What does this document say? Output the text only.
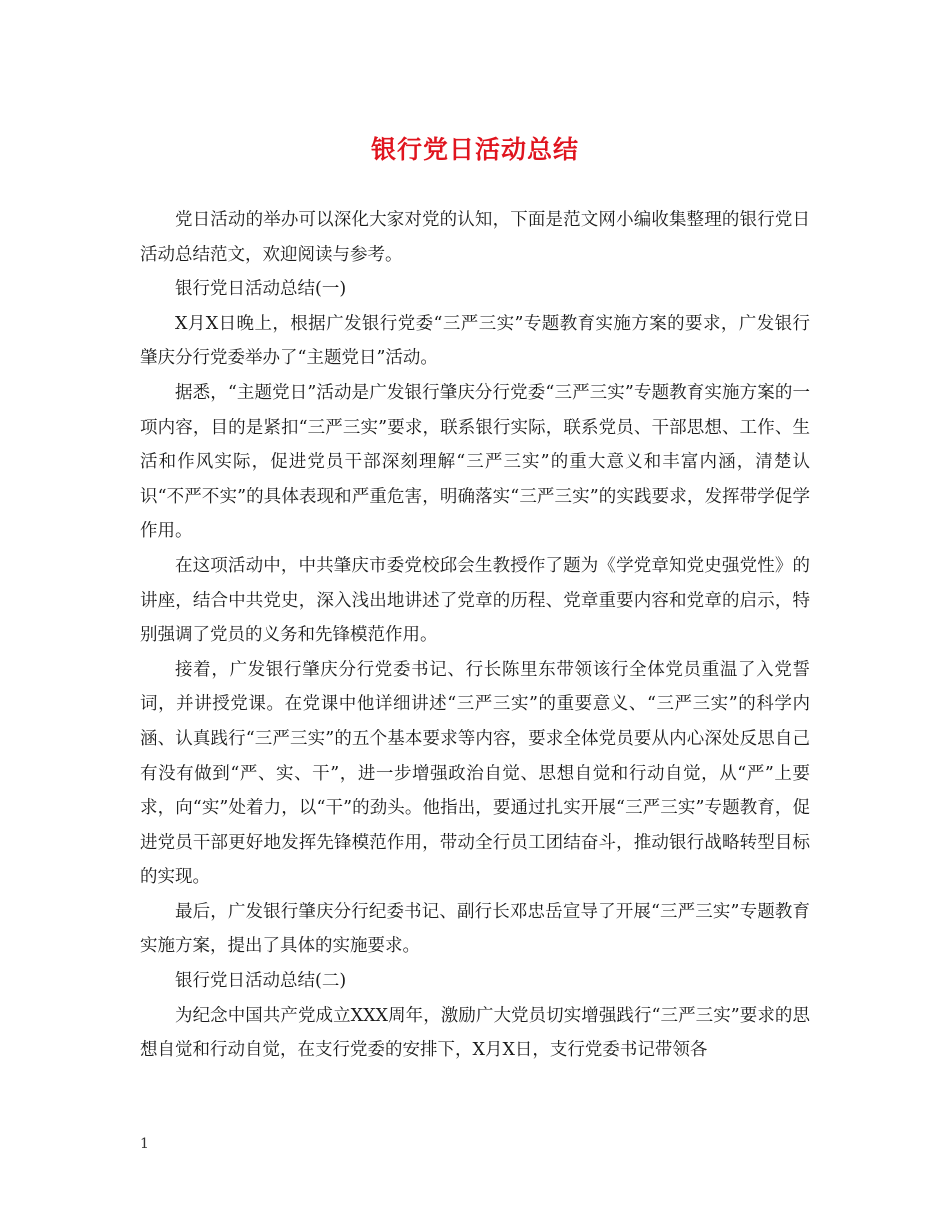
银行党日活动总结

党日活动的举办可以深化大家对党的认知，下面是范文网小编收集整理的银行党日活动总结范文，欢迎阅读与参考。

银行党日活动总结(一)

X月X日晚上，根据广发银行党委“三严三实”专题教育实施方案的要求，广发银行肇庆分行党委举办了“主题党日”活动。

据悉，“主题党日”活动是广发银行肇庆分行党委“三严三实”专题教育实施方案的一项内容，目的是紧扣“三严三实”要求，联系银行实际，联系党员、干部思想、工作、生活和作风实际，促进党员干部深刻理解“三严三实”的重大意义和丰富内涵，清楚认识“不严不实”的具体表现和严重危害，明确落实“三严三实”的实践要求，发挥带学促学作用。

在这项活动中，中共肇庆市委党校邱会生教授作了题为《学党章知党史强党性》的讲座，结合中共党史，深入浅出地讲述了党章的历程、党章重要内容和党章的启示，特别强调了党员的义务和先锋模范作用。

接着，广发银行肇庆分行党委书记、行长陈里东带领该行全体党员重温了入党誓词，并讲授党课。在党课中他详细讲述“三严三实”的重要意义、“三严三实”的科学内涵、认真践行“三严三实”的五个基本要求等内容，要求全体党员要从内心深处反思自己有没有做到“严、实、干”，进一步增强政治自觉、思想自觉和行动自觉，从“严”上要求，向“实”处着力，以“干”的劲头。他指出，要通过扎实开展“三严三实”专题教育，促进党员干部更好地发挥先锋模范作用，带动全行员工团结奋斗，推动银行战略转型目标的实现。

最后，广发银行肇庆分行纪委书记、副行长邓忠岳宣导了开展“三严三实”专题教育实施方案，提出了具体的实施要求。

银行党日活动总结(二)

为纪念中国共产党成立XXX周年，激励广大党员切实增强践行“三严三实”要求的思想自觉和行动自觉，在支行党委的安排下，X月X日，支行党委书记带领各

1
